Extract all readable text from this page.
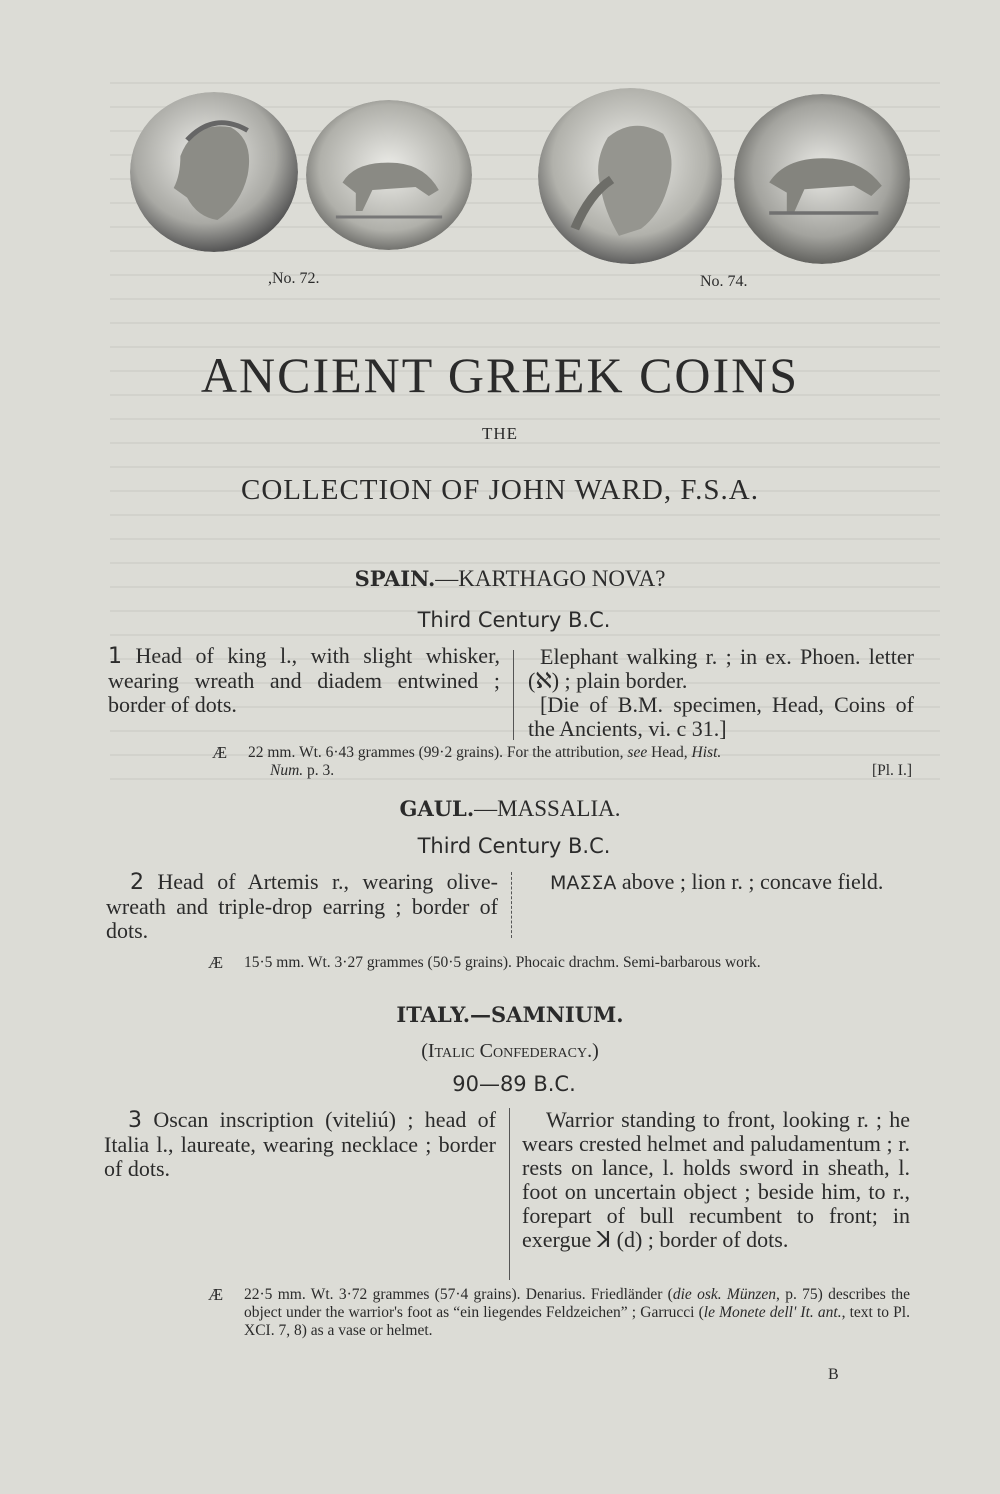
,No. 72.	No. 74.
ANCIENT GREEK COINS
THE
COLLECTION OF JOHN WARD, F.S.A.
SPAIN.—KARTHAGO NOVA?
Third Century B.C.
1 Head of king l., with slight whisker, wearing wreath and diadem entwined ; border of dots.
Elephant walking r. ; in ex. Phoen. letter (ℵ) ; plain border.
[Die of B.M. specimen, Head, Coins of the Ancients, vi. c 31.]
Æ 22 mm. Wt. 6·43 grammes (99·2 grains). For the attribution, see Head, Hist.
Num. p. 3.	[Pl. I.]
GAUL.—MASSALIA.
Third Century B.C.
2 Head of Artemis r., wearing olive-wreath and triple-drop earring ; border of dots.
ΜΑΣΣΑ above ; lion r. ; concave field.
Æ 15·5 mm. Wt. 3·27 grammes (50·5 grains). Phocaic drachm. Semi-barbarous work.
ITALY.—SAMNIUM.
(Italic Confederacy.)
90—89 B.C.
3 Oscan inscription (viteliú) ; head of Italia l., laureate, wearing necklace ; border of dots.
Warrior standing to front, looking r. ; he wears crested helmet and paludamentum ; r. rests on lance, l. holds sword in sheath, l. foot on uncertain object ; beside him, to r., forepart of bull recumbent to front; in exergue ꓘ (d) ; border of dots.
Æ 22·5 mm. Wt. 3·72 grammes (57·4 grains). Denarius. Friedländer (die osk. Münzen, p. 75) describes the object under the warrior's foot as “ein liegendes Feldzeichen” ; Garrucci (le Monete dell' It. ant., text to Pl. XCI. 7, 8) as a vase or helmet.
B
